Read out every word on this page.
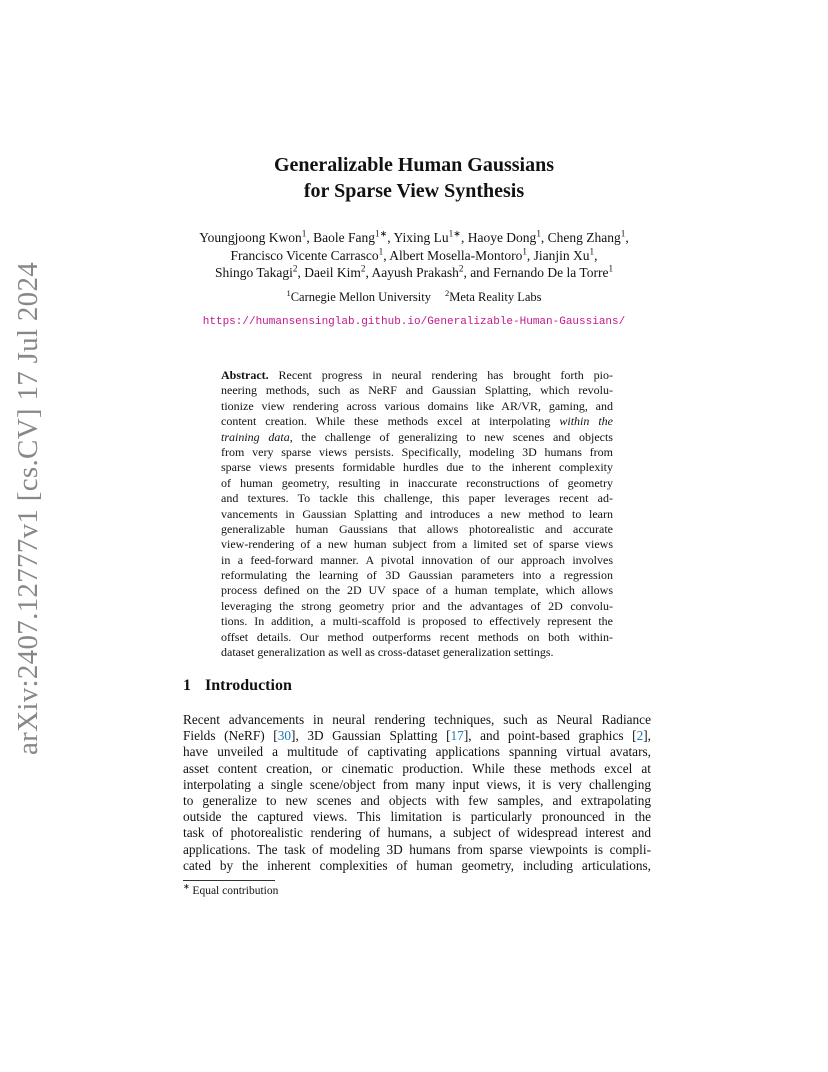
arXiv:2407.12777v1 [cs.CV] 17 Jul 2024
Generalizable Human Gaussians
for Sparse View Synthesis
Youngjoong Kwon$^1$, Baole Fang$^{1∗}$, Yixing $Lu^{1∗}$, Haoye Dong$^1$, Cheng Zhang$^1$,
Francisco Vicente Carrasco$^1$, Albert Mosella-Montoro$^1$, Jianjin Xu$^1$,
Shingo Takagi$^2$, Daeil Kim$^2$, Aayush Prakash$^2$, and Fernando De la Torre$^1$
$^1$Carnegie Mellon University $^2$Meta Reality Labs
https://humansensinglab.github.io/Generalizable-Human-Gaussians/
Abstract. Recent progress in neural rendering has brought forth pio-
neering methods, such as NeRF and Gaussian Splatting, which revolu-
tionize view rendering across various domains like AR/VR, gaming, and
content creation. While these methods excel at interpolating within the
training data, the challenge of generalizing to new scenes and objects
from very sparse views persists. Specifically, modeling 3D humans from
sparse views presents formidable hurdles due to the inherent complexity
of human geometry, resulting in inaccurate reconstructions of geometry
and textures. To tackle this challenge, this paper leverages recent ad-
vancements in Gaussian Splatting and introduces a new method to learn
generalizable human Gaussians that allows photorealistic and accurate
view-rendering of a new human subject from a limited set of sparse views
in a feed-forward manner. A pivotal innovation of our approach involves
reformulating the learning of 3D Gaussian parameters into a regression
process defined on the 2D UV space of a human template, which allows
leveraging the strong geometry prior and the advantages of 2D convolu-
tions. In addition, a multi-scaffold is proposed to effectively represent the
offset details. Our method outperforms recent methods on both within-
dataset generalization as well as cross-dataset generalization settings.
1 Introduction
Recent advancements in neural rendering techniques, such as Neural Radiance
Fields (NeRF) [30], 3D Gaussian Splatting [17], and point-based graphics [2],
have unveiled a multitude of captivating applications spanning virtual avatars,
asset content creation, or cinematic production. While these methods excel at
interpolating a single scene/object from many input views, it is very challenging
to generalize to new scenes and objects with few samples, and extrapolating
outside the captured views. This limitation is particularly pronounced in the
task of photorealistic rendering of humans, a subject of widespread interest and
applications. The task of modeling 3D humans from sparse viewpoints is compli-
cated by the inherent complexities of human geometry, including articulations,
∗ Equal contribution
